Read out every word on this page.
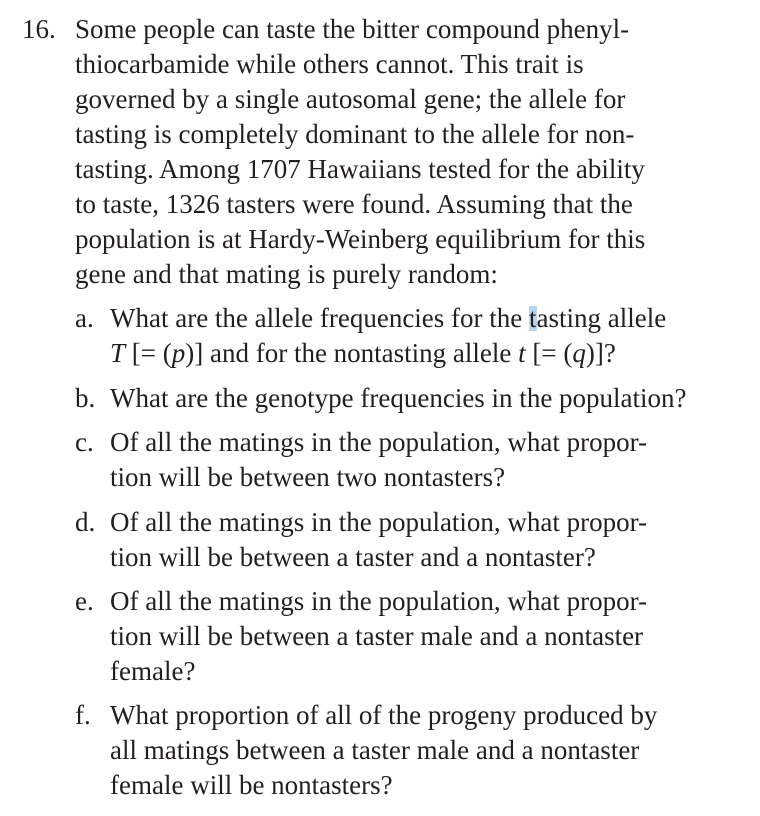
16. Some people can taste the bitter compound phenyl-
thiocarbamide while others cannot. This trait is
governed by a single autosomal gene; the allele for
tasting is completely dominant to the allele for non-
tasting. Among 1707 Hawaiians tested for the ability
to taste, 1326 tasters were found. Assuming that the
population is at Hardy-Weinberg equilibrium for this
gene and that mating is purely random:
a. What are the allele frequencies for the tasting allele
T [= (p)] and for the nontasting allele t [= (q)]?
b. What are the genotype frequencies in the population?
c. Of all the matings in the population, what propor-
tion will be between two nontasters?
d. Of all the matings in the population, what propor-
tion will be between a taster and a nontaster?
e. Of all the matings in the population, what propor-
tion will be between a taster male and a nontaster
female?
f. What proportion of all of the progeny produced by
all matings between a taster male and a nontaster
female will be nontasters?
